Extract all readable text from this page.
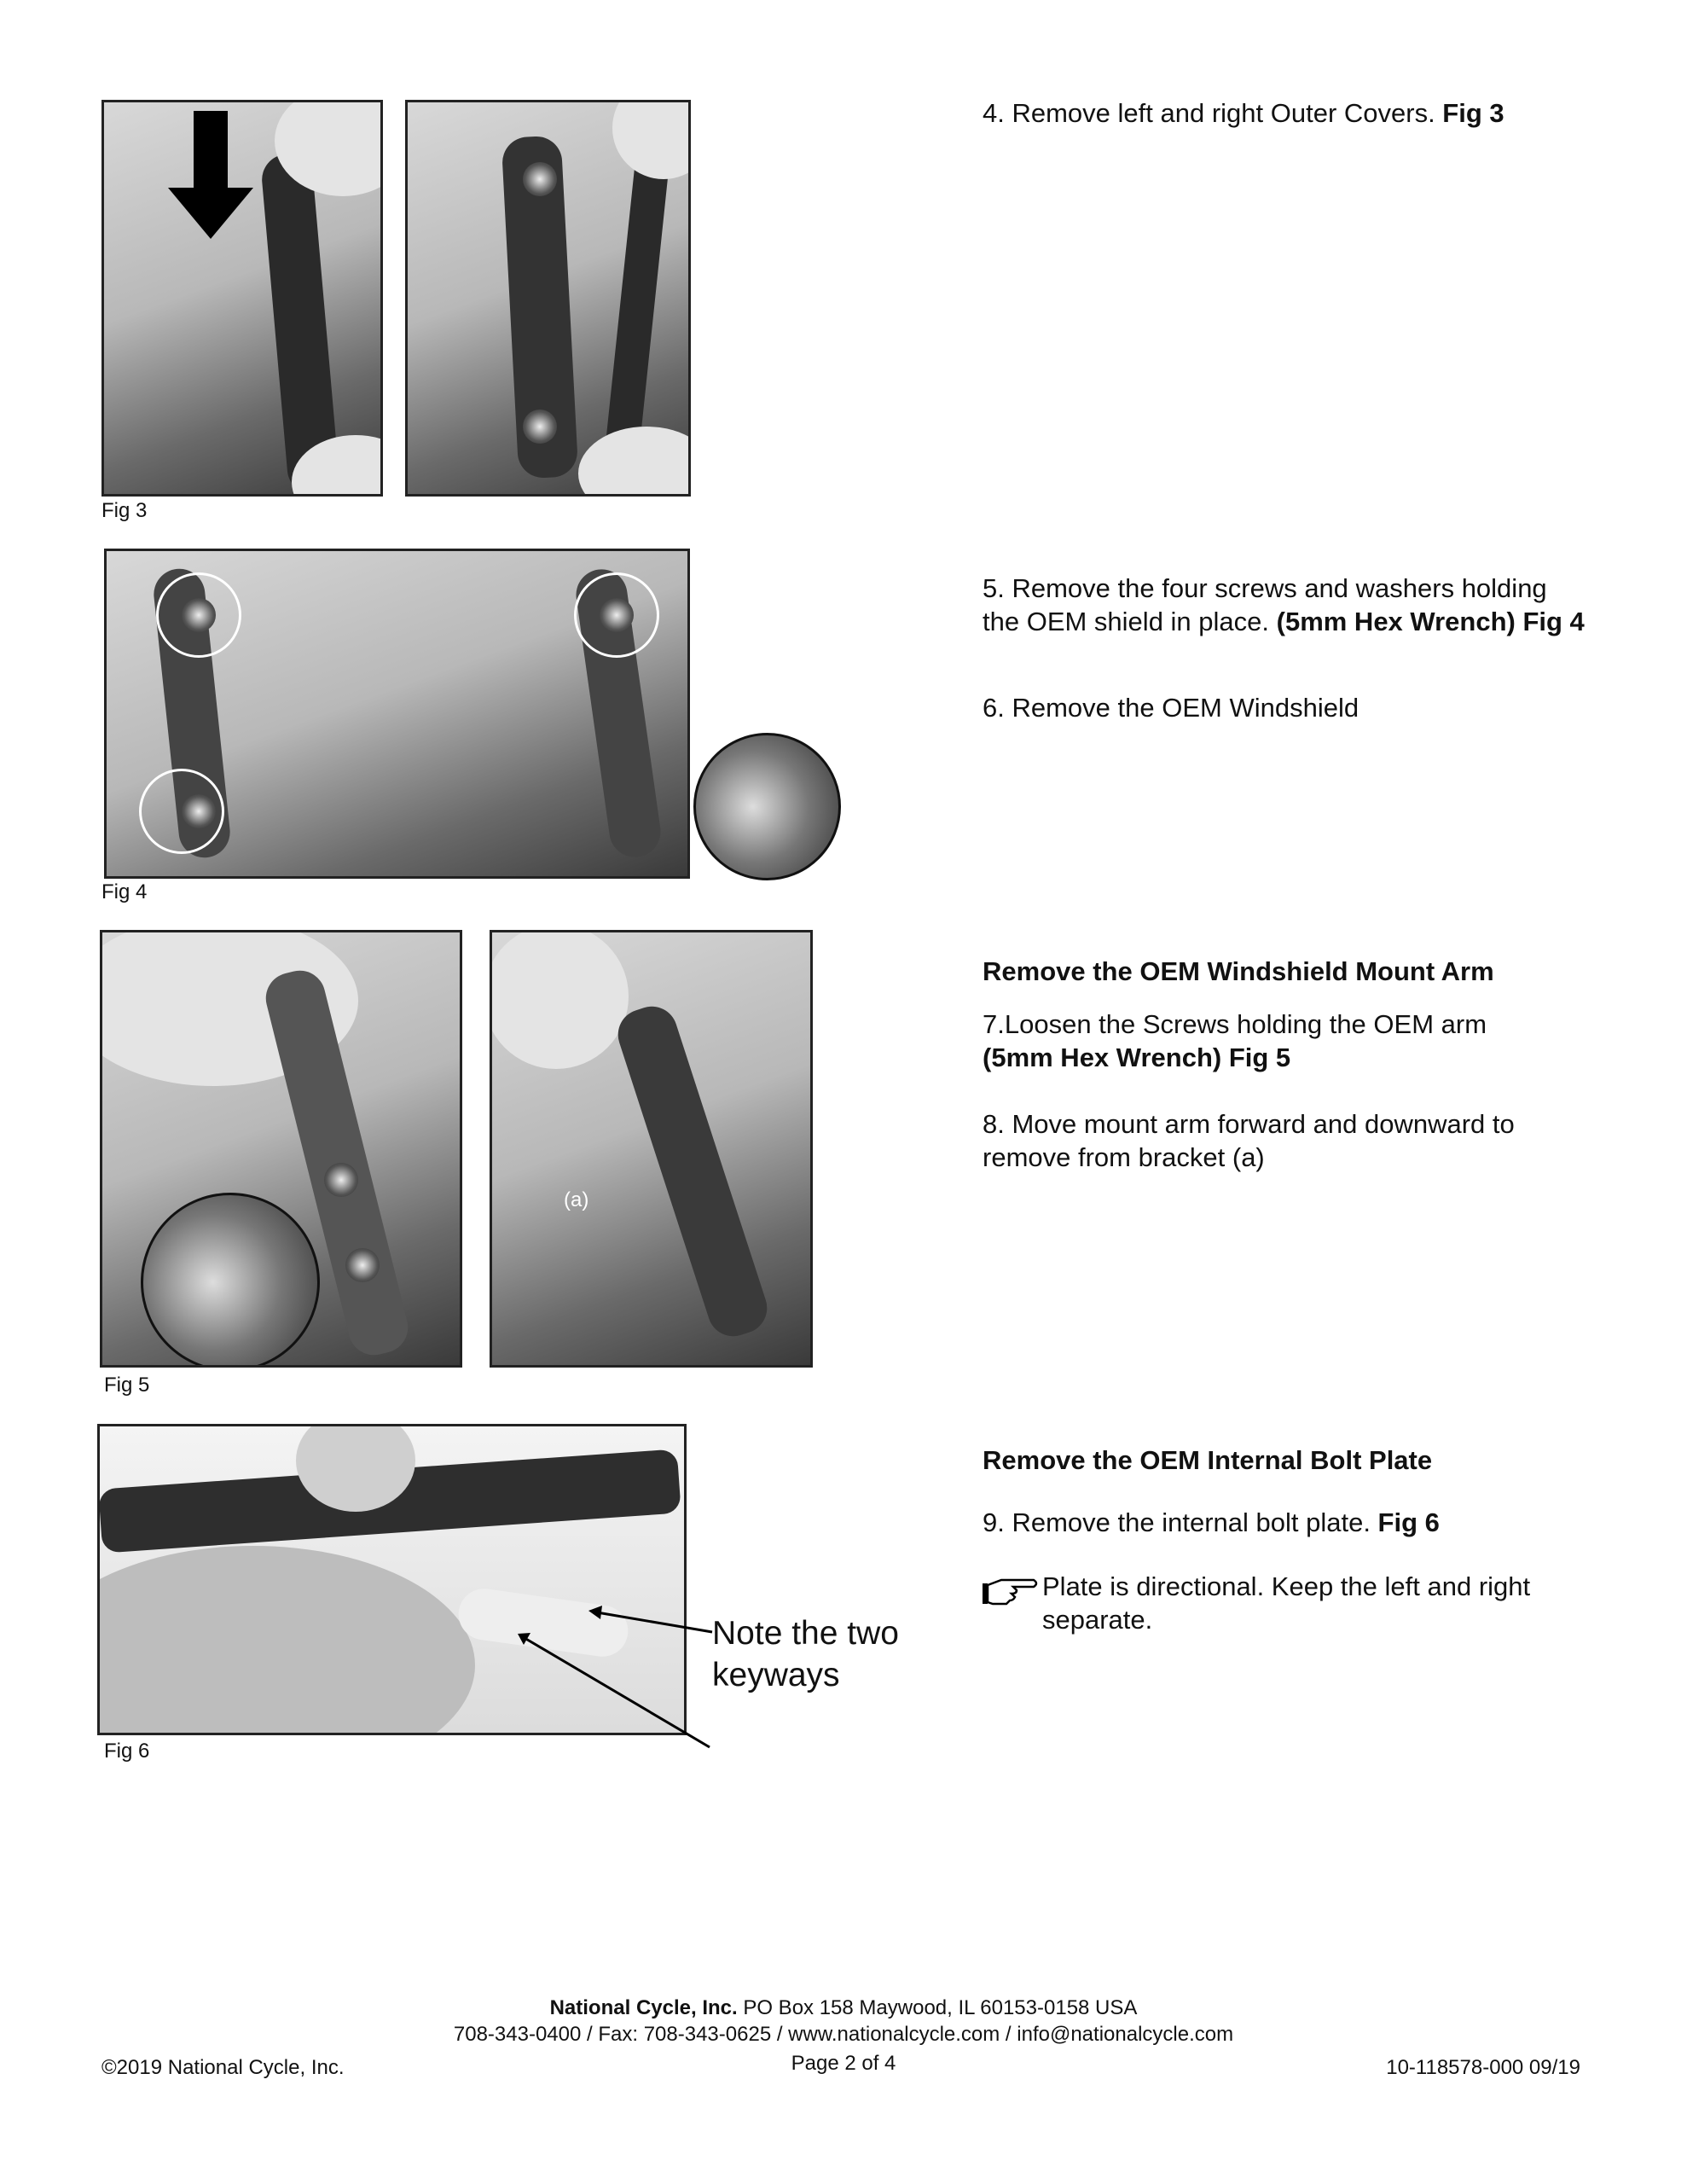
Fig 3
Fig 4
(a)
Fig 5
Note the two
keyways
Fig 6
4. Remove left and right Outer Covers. Fig 3
5. Remove the four screws and washers holding the OEM shield in place. (5mm Hex Wrench) Fig 4
6. Remove the OEM Windshield
Remove the OEM Windshield Mount Arm
7.Loosen the Screws holding the OEM arm (5mm Hex Wrench) Fig 5
8. Move mount arm forward and downward to remove from bracket (a)
Remove the OEM Internal Bolt Plate
9. Remove the internal bolt plate. Fig 6
Plate is directional. Keep the left and right separate.
National Cycle, Inc. PO Box 158 Maywood, IL 60153-0158 USA
708-343-0400 / Fax: 708-343-0625 / www.nationalcycle.com / info@nationalcycle.com
©2019 National Cycle, Inc.	Page 2 of 4	10-118578-000 09/19
